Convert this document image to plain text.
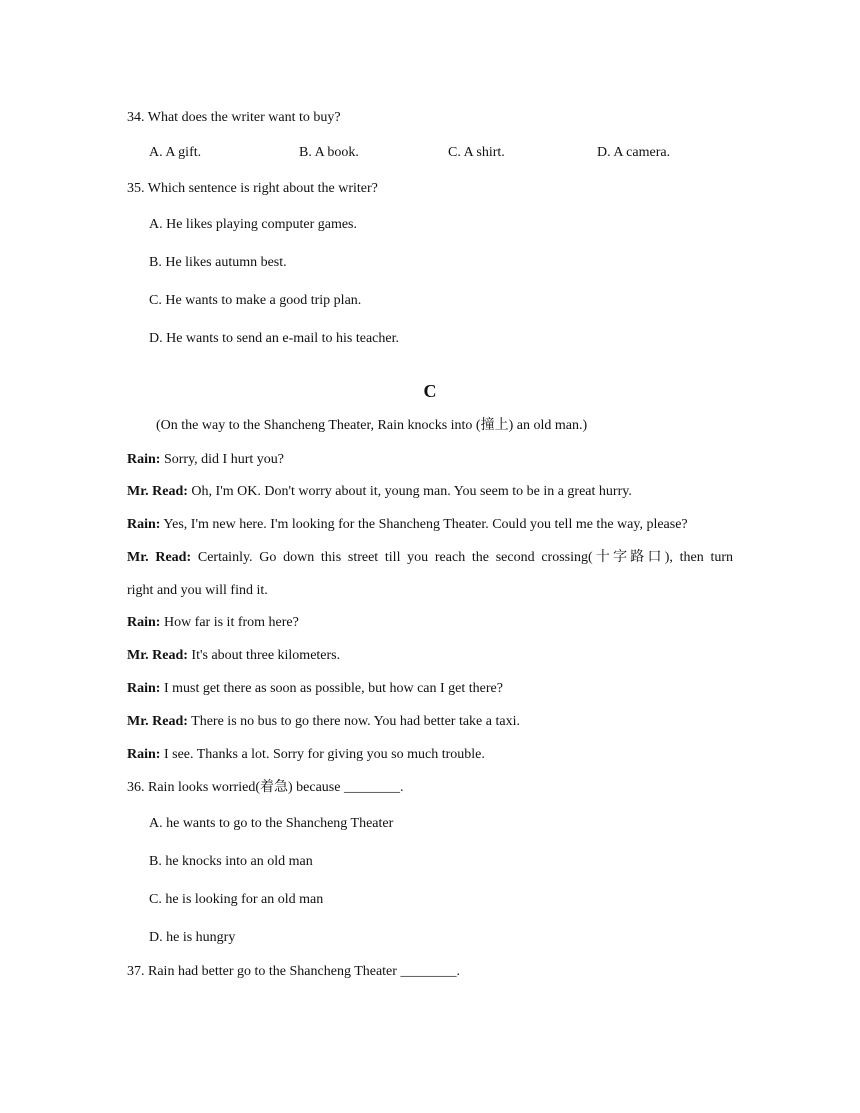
34. What does the writer want to buy?
A. A gift.	B. A book.	C. A shirt.	D. A camera.
35. Which sentence is right about the writer?
A. He likes playing computer games.
B. He likes autumn best.
C. He wants to make a good trip plan.
D. He wants to send an e-mail to his teacher.
C
(On the way to the Shancheng Theater, Rain knocks into (撞上) an old man.)
Rain: Sorry, did I hurt you?
Mr. Read: Oh, I'm OK. Don't worry about it, young man. You seem to be in a great hurry.
Rain: Yes, I'm new here. I'm looking for the Shancheng Theater. Could you tell me the way, please?
Mr. Read: Certainly. Go down this street till you reach the second crossing(十字路口), then turn
right and you will find it.
Rain: How far is it from here?
Mr. Read: It's about three kilometers.
Rain: I must get there as soon as possible, but how can I get there?
Mr. Read: There is no bus to go there now. You had better take a taxi.
Rain: I see. Thanks a lot. Sorry for giving you so much trouble.
36. Rain looks worried(着急) because ________.
A. he wants to go to the Shancheng Theater
B. he knocks into an old man
C. he is looking for an old man
D. he is hungry
37. Rain had better go to the Shancheng Theater ________.
